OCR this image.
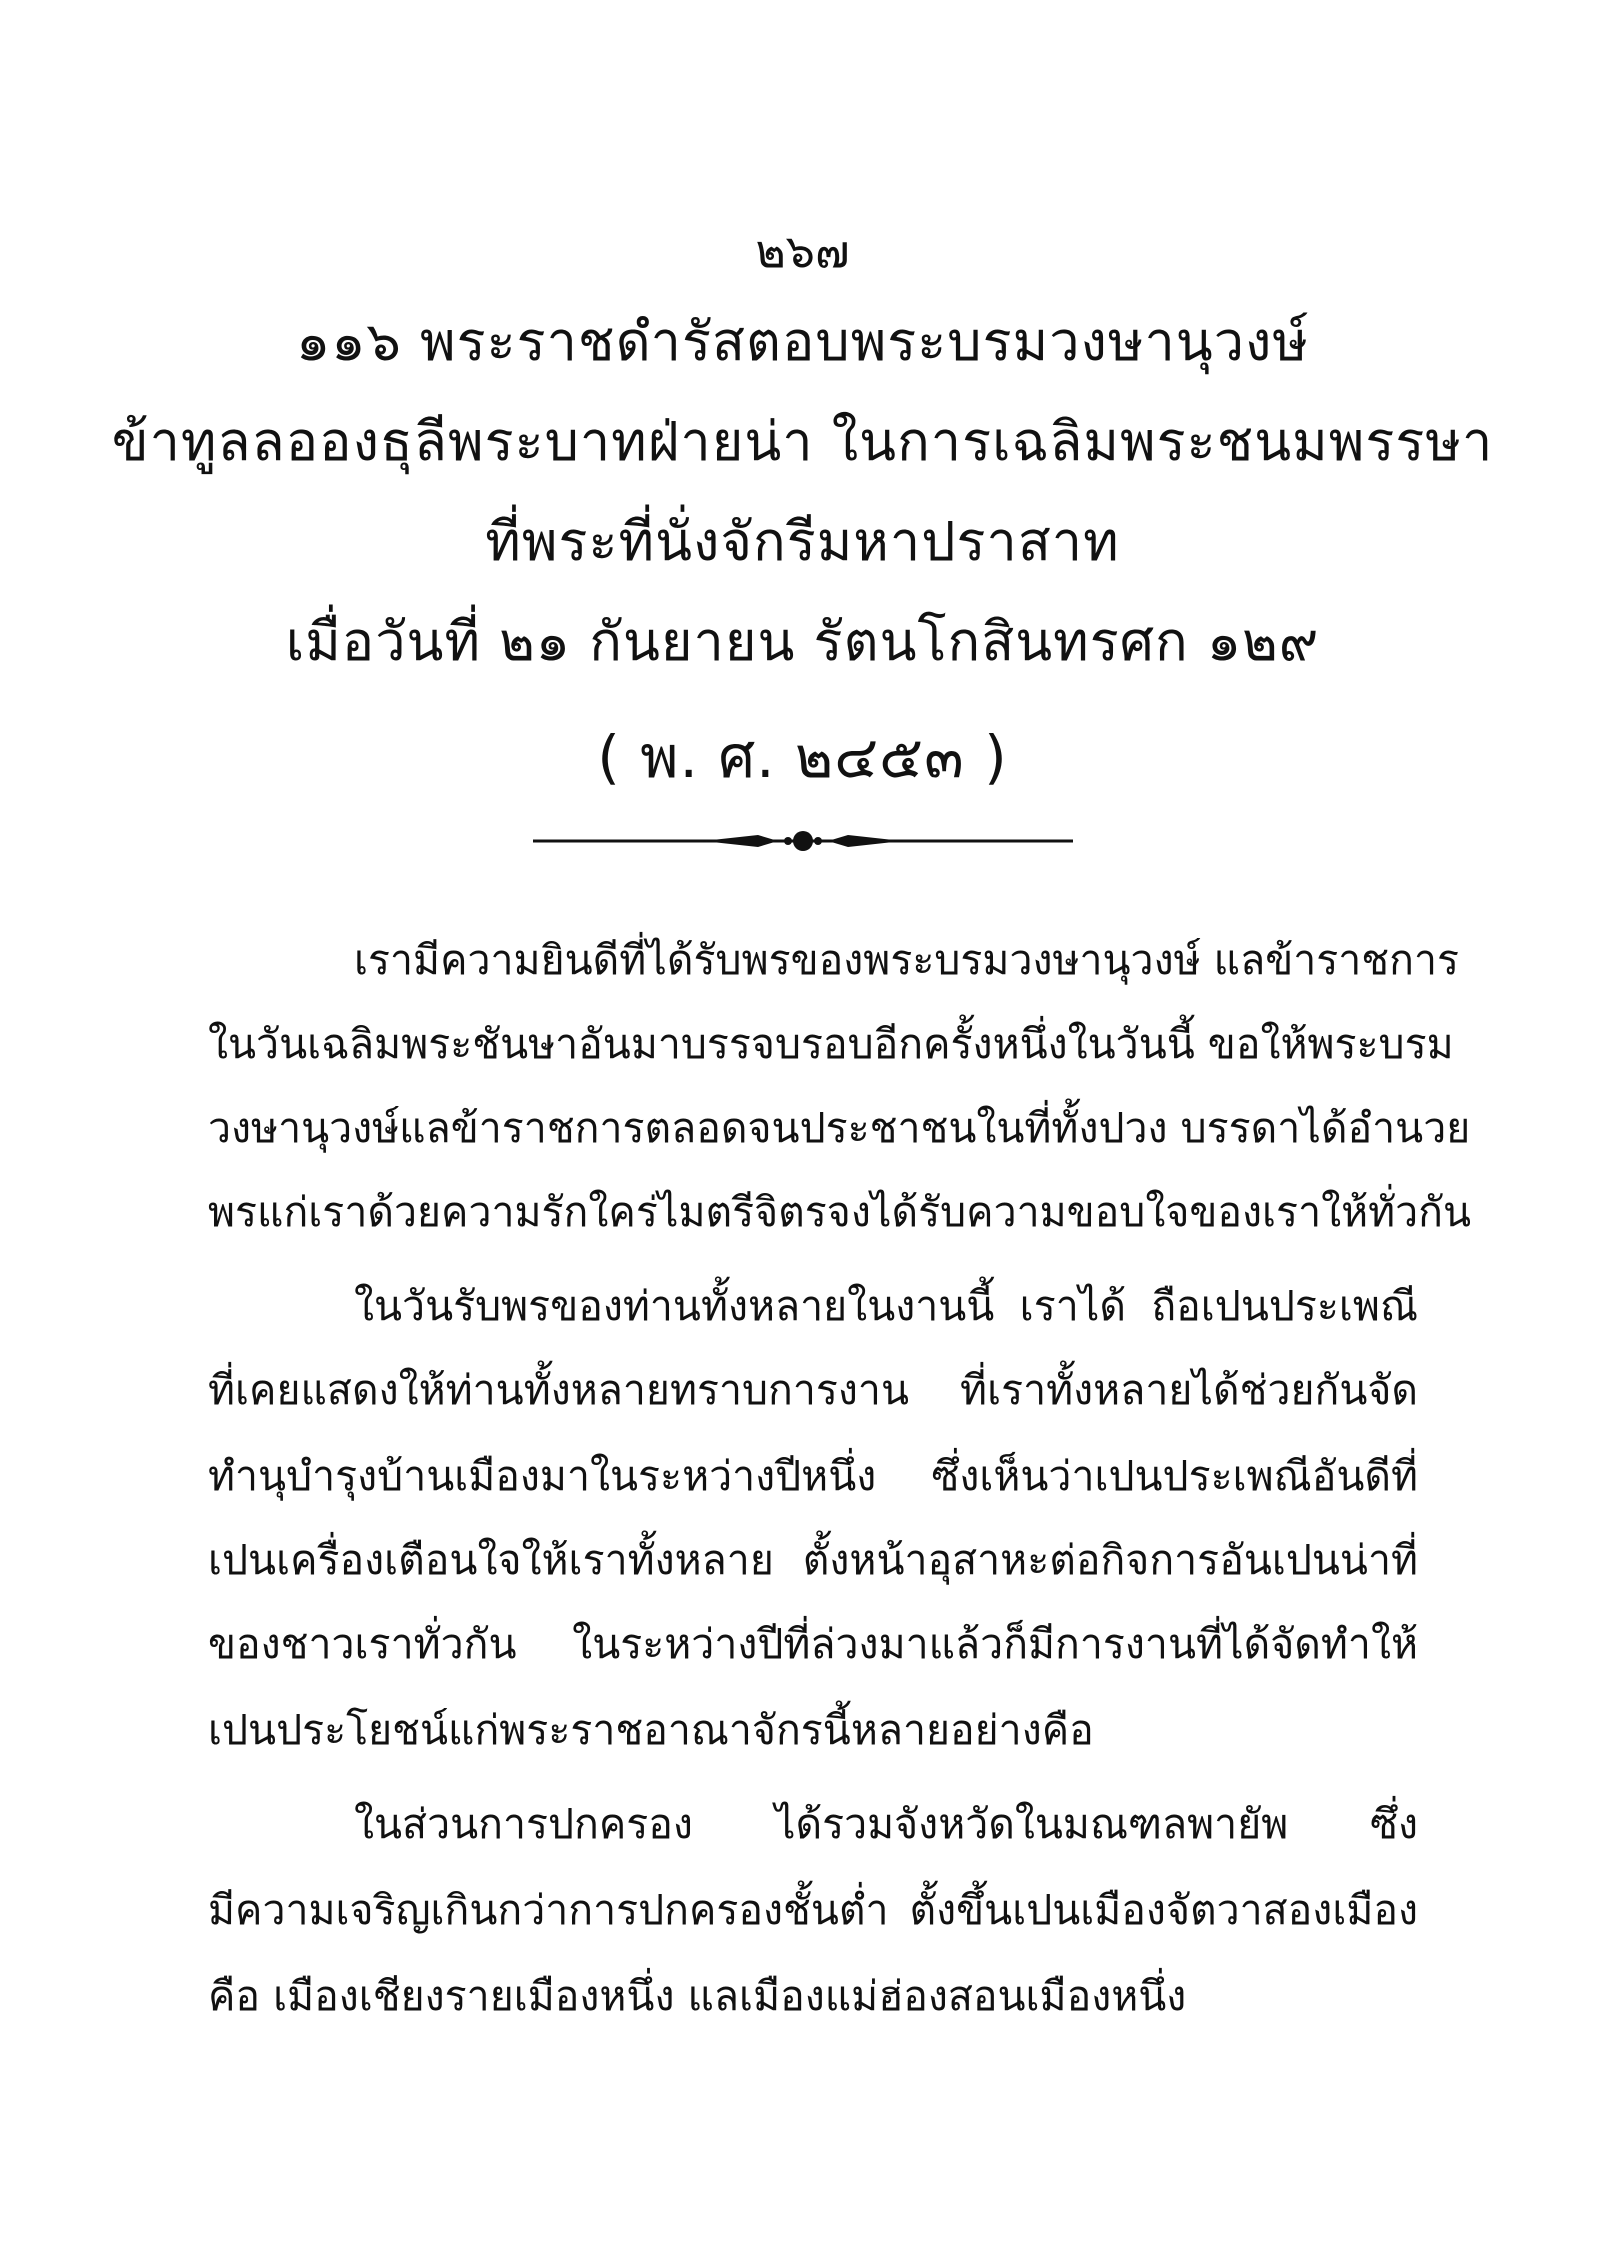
๒๖๗
๑๑๖ พระราชดำรัสตอบพระบรมวงษานุวงษ์
ข้าทูลลอองธุลีพระบาทฝ่ายน่า ในการเฉลิมพระชนมพรรษา
ที่พระที่นั่งจักรีมหาปราสาท
เมื่อวันที่ ๒๑ กันยายน รัตนโกสินทรศก ๑๒๙
( พ. ศ. ๒๔๕๓ )
เรามีความยินดีที่ได้รับพรของพระบรมวงษานุวงษ์ แลข้าราชการ
ในวันเฉลิมพระชันษาอันมาบรรจบรอบอีกครั้งหนึ่งในวันนี้ ขอให้พระบรม
วงษานุวงษ์แลข้าราชการตลอดจนประชาชนในที่ทั้งปวง บรรดาได้อำนวย
พรแก่เราด้วยความรักใคร่ไมตรีจิตรจงได้รับความขอบใจของเราให้ทั่วกัน
ในวันรับพรของท่านทั้งหลายในงานนี้ เราได้ ถือเปนประเพณี
ที่เคยแสดงให้ท่านทั้งหลายทราบการงาน ที่เราทั้งหลายได้ช่วยกันจัด
ทำนุบำรุงบ้านเมืองมาในระหว่างปีหนึ่ง ซึ่งเห็นว่าเปนประเพณีอันดีที่
เปนเครื่องเตือนใจให้เราทั้งหลาย ตั้งหน้าอุสาหะต่อกิจการอันเปนน่าที่
ของชาวเราทั่วกัน ในระหว่างปีที่ล่วงมาแล้วก็มีการงานที่ได้จัดทำให้
เปนประโยชน์แก่พระราชอาณาจักรนี้หลายอย่างคือ
ในส่วนการปกครอง ได้รวมจังหวัดในมณฑลพายัพ ซึ่ง
มีความเจริญเกินกว่าการปกครองชั้นต่ำ ตั้งขึ้นเปนเมืองจัตวาสองเมือง
คือ เมืองเชียงรายเมืองหนึ่ง แลเมืองแม่ฮ่องสอนเมืองหนึ่ง
